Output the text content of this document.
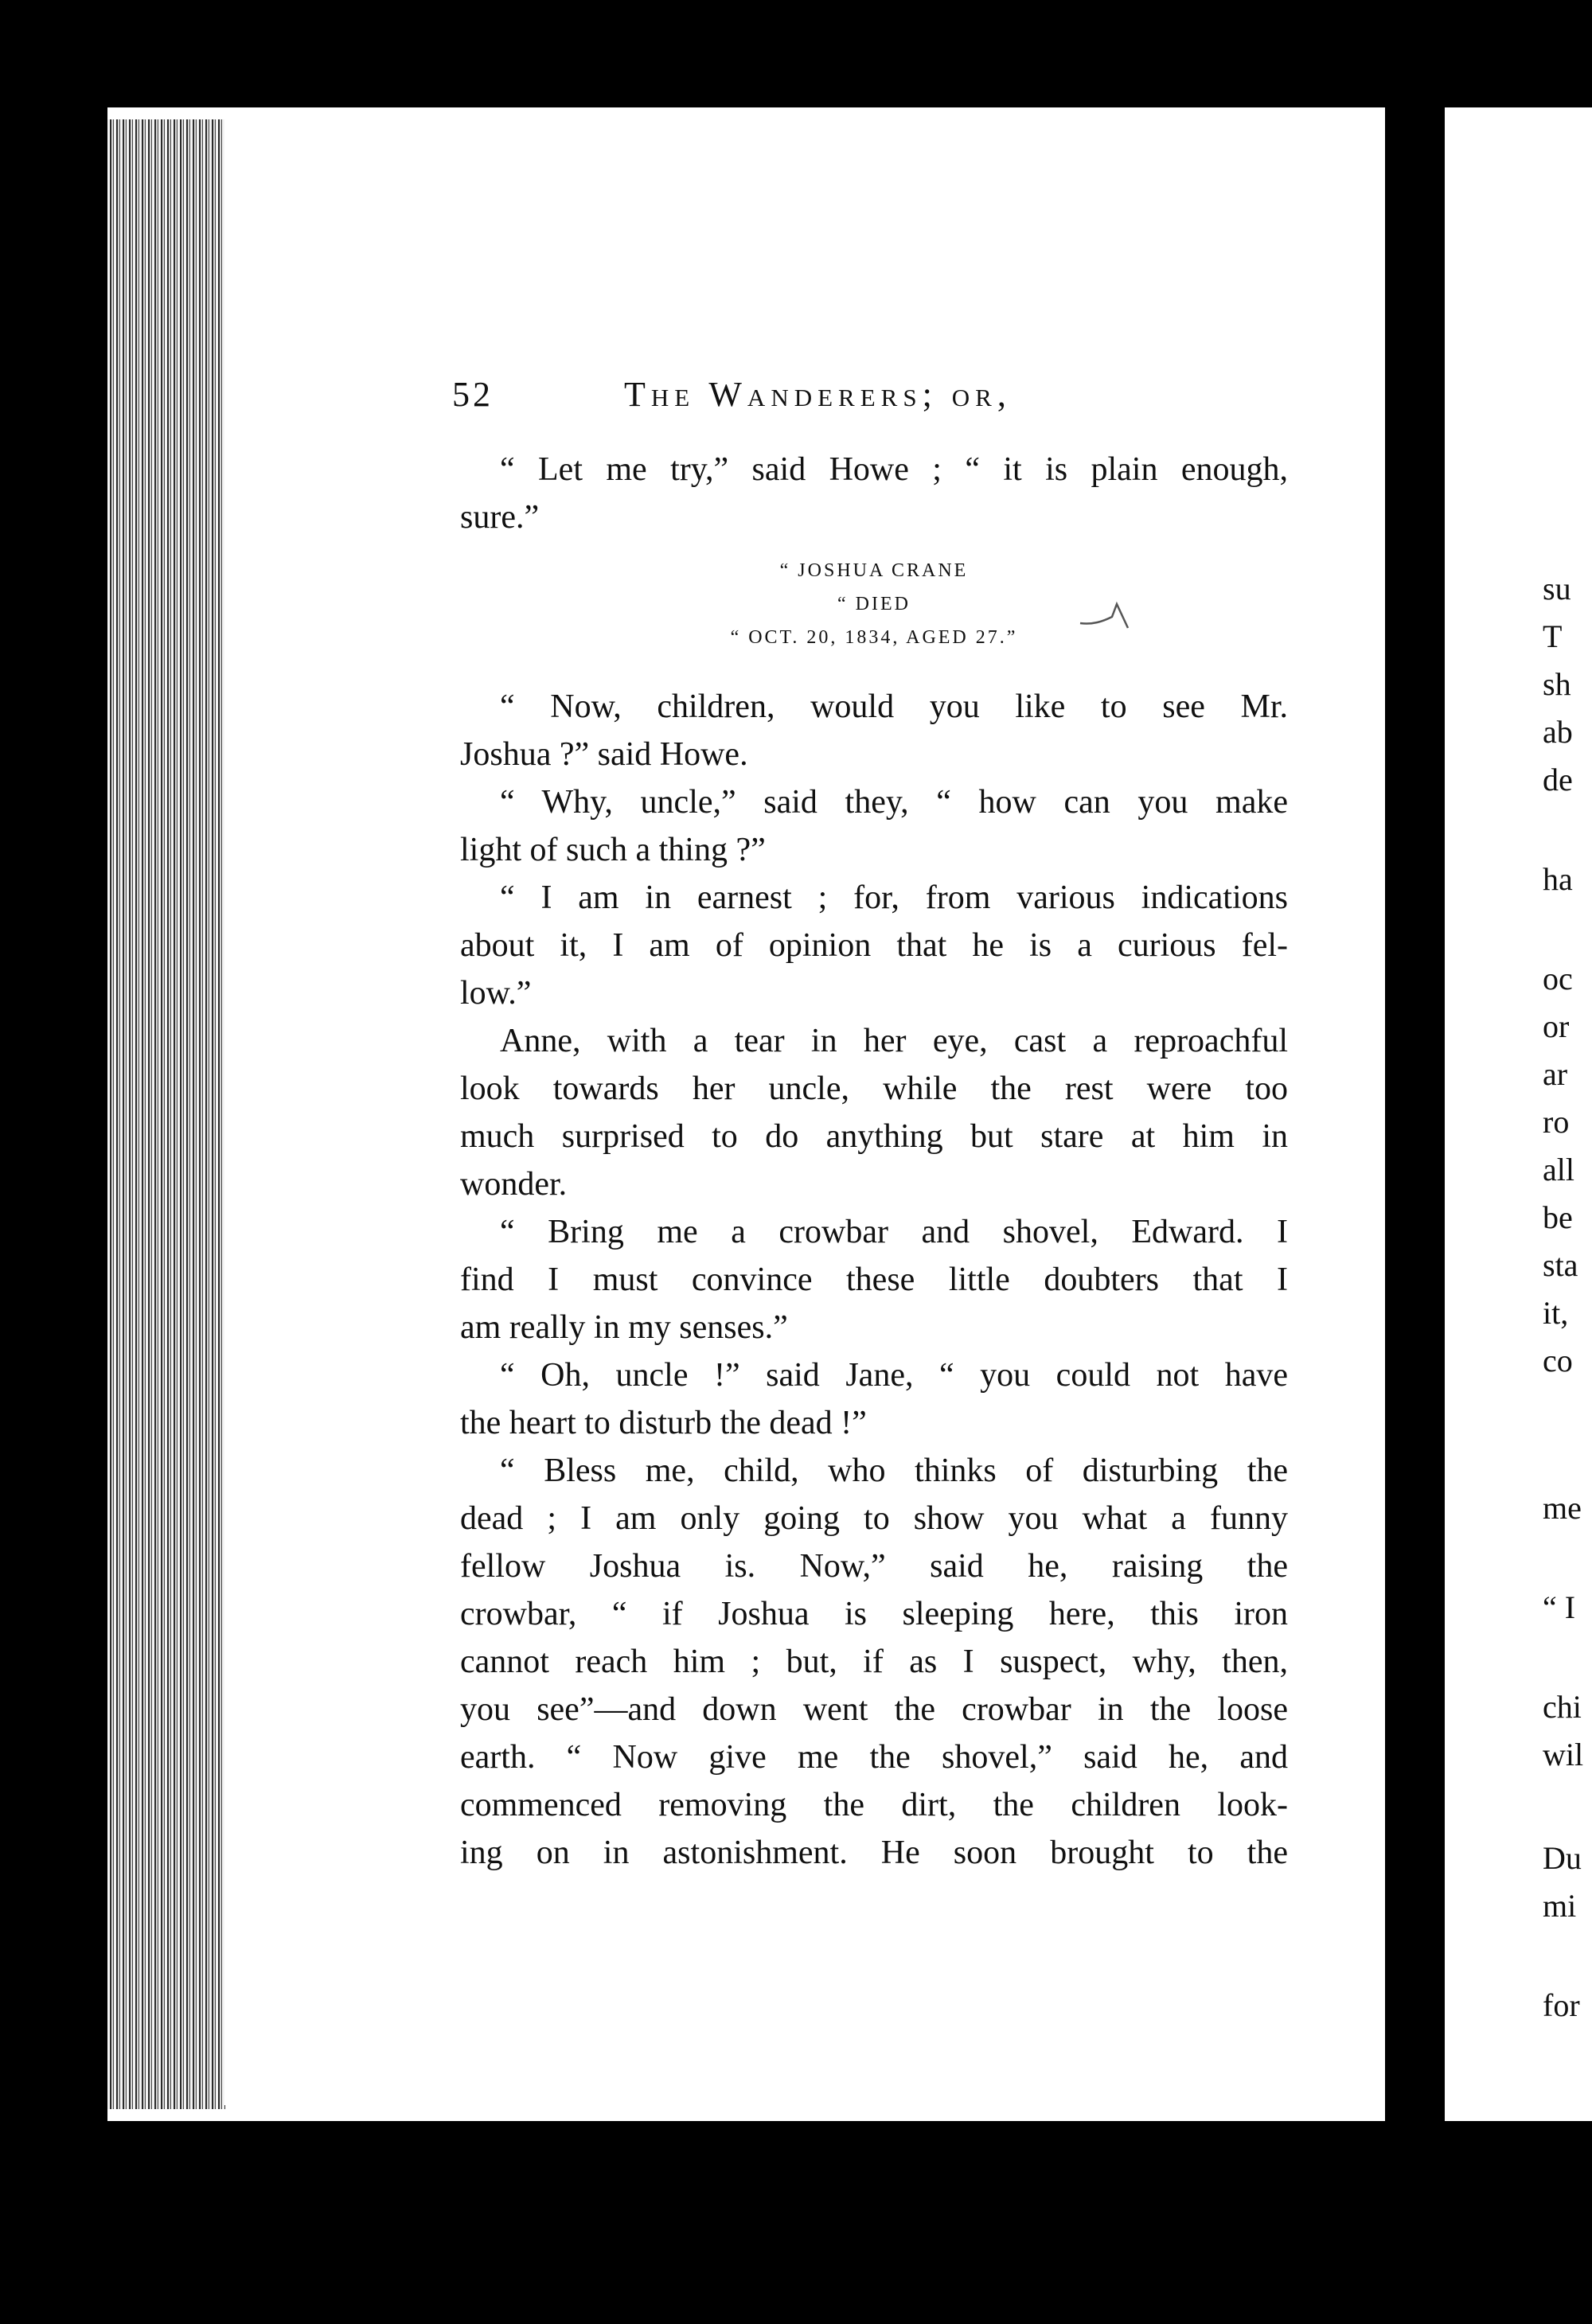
su
T
sh
ab
de
ha
oc
or
ar
ro
all
be
sta
it,
co
me
“ I
chi
wil
Du
mi
for
52	The Wanderers; or,
“ Let me try,” said Howe ; “ it is plain enough,
sure.”
“ JOSHUA CRANE
“ DIED
“ OCT. 20, 1834, AGED 27.”
“ Now, children, would you like to see Mr.
Joshua ?” said Howe.
“ Why, uncle,” said they, “ how can you make
light of such a thing ?”
“ I am in earnest ; for, from various indications
about it, I am of opinion that he is a curious fel-
low.”
Anne, with a tear in her eye, cast a reproachful
look towards her uncle, while the rest were too
much surprised to do anything but stare at him in
wonder.
“ Bring me a crowbar and shovel, Edward. I
find I must convince these little doubters that I
am really in my senses.”
“ Oh, uncle !” said Jane, “ you could not have
the heart to disturb the dead !”
“ Bless me, child, who thinks of disturbing the
dead ; I am only going to show you what a funny
fellow Joshua is. Now,” said he, raising the
crowbar, “ if Joshua is sleeping here, this iron
cannot reach him ; but, if as I suspect, why, then,
you see”—and down went the crowbar in the loose
earth. “ Now give me the shovel,” said he, and
commenced removing the dirt, the children look-
ing on in astonishment. He soon brought to the
